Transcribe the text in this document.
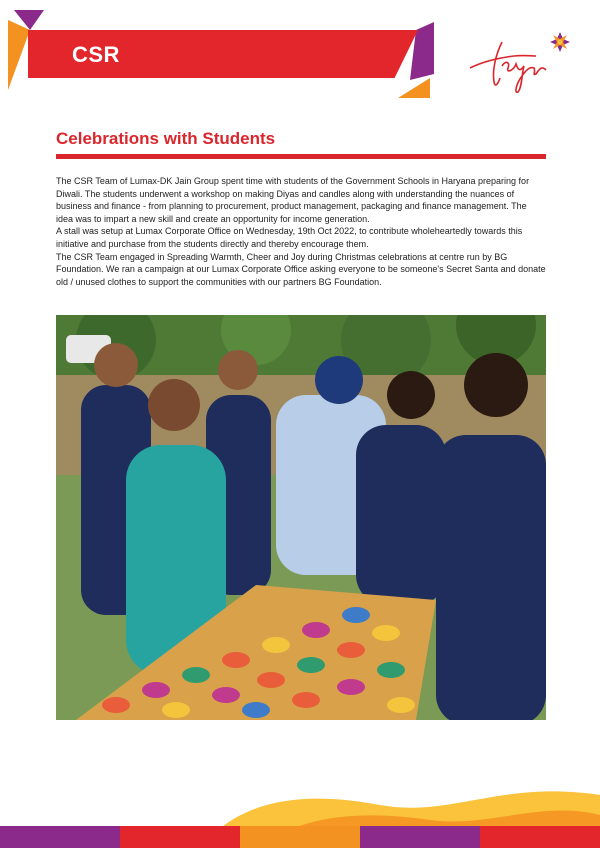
CSR
Celebrations with Students

The CSR Team of Lumax-DK Jain Group spent time with students of the Government Schools in Haryana preparing for Diwali. The students underwent a workshop on making Diyas and candles along with understanding the nuances of business and finance - from planning to procurement, product management, packaging and finance management. The idea was to impart a new skill and create an opportunity for income generation.

A stall was setup at Lumax Corporate Office on Wednesday, 19th Oct 2022, to contribute wholeheartedly towards this initiative and purchase from the students directly and thereby encourage them.

The CSR Team engaged in Spreading Warmth, Cheer and Joy during Christmas celebrations at centre run by BG Foundation. We ran a campaign at our Lumax Corporate Office asking everyone to be someone's Secret Santa and donate old / unused clothes to support the communities with our partners BG Foundation.
